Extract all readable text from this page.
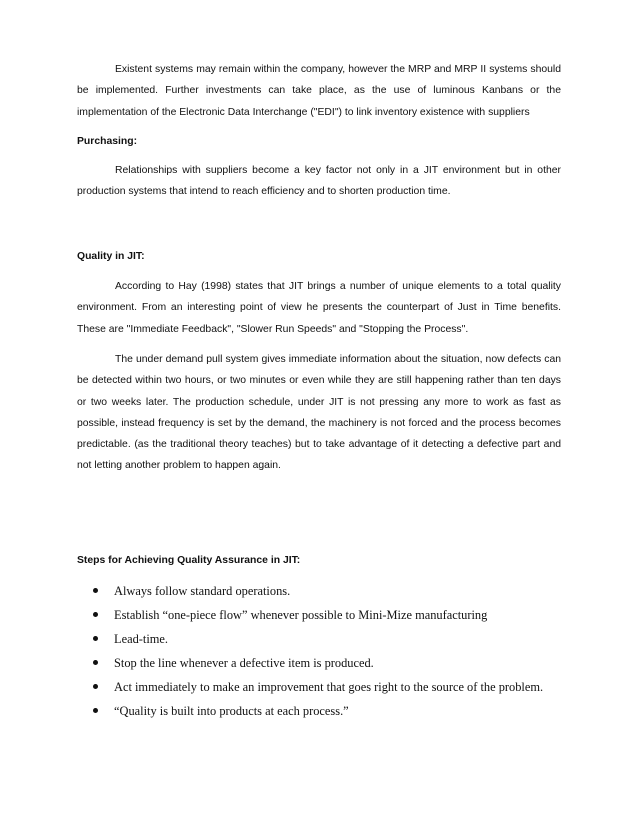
Existent systems may remain within the company, however the MRP and MRP II systems should be implemented. Further investments can take place, as the use of luminous Kanbans or the implementation of the Electronic Data Interchange ("EDI") to link inventory existence with suppliers

Purchasing:

Relationships with suppliers become a key factor not only in a JIT environment but in other production systems that intend to reach efficiency and to shorten production time.

Quality in JIT:

According to Hay (1998) states that JIT brings a number of unique elements to a total quality environment. From an interesting point of view he presents the counterpart of Just in Time benefits. These are "Immediate Feedback", "Slower Run Speeds" and "Stopping the Process".

The under demand pull system gives immediate information about the situation, now defects can be detected within two hours, or two minutes or even while they are still happening rather than ten days or two weeks later. The production schedule, under JIT is not pressing any more to work as fast as possible, instead frequency is set by the demand, the machinery is not forced and the process becomes predictable. (as the traditional theory teaches) but to take advantage of it detecting a defective part and not letting another problem to happen again.

Steps for Achieving Quality Assurance in JIT:
Always follow standard operations.
Establish “one-piece flow” whenever possible to Mini-Mize manufacturing
Lead-time.
Stop the line whenever a defective item is produced.
Act immediately to make an improvement that goes right to the source of the problem.
“Quality is built into products at each process.”
